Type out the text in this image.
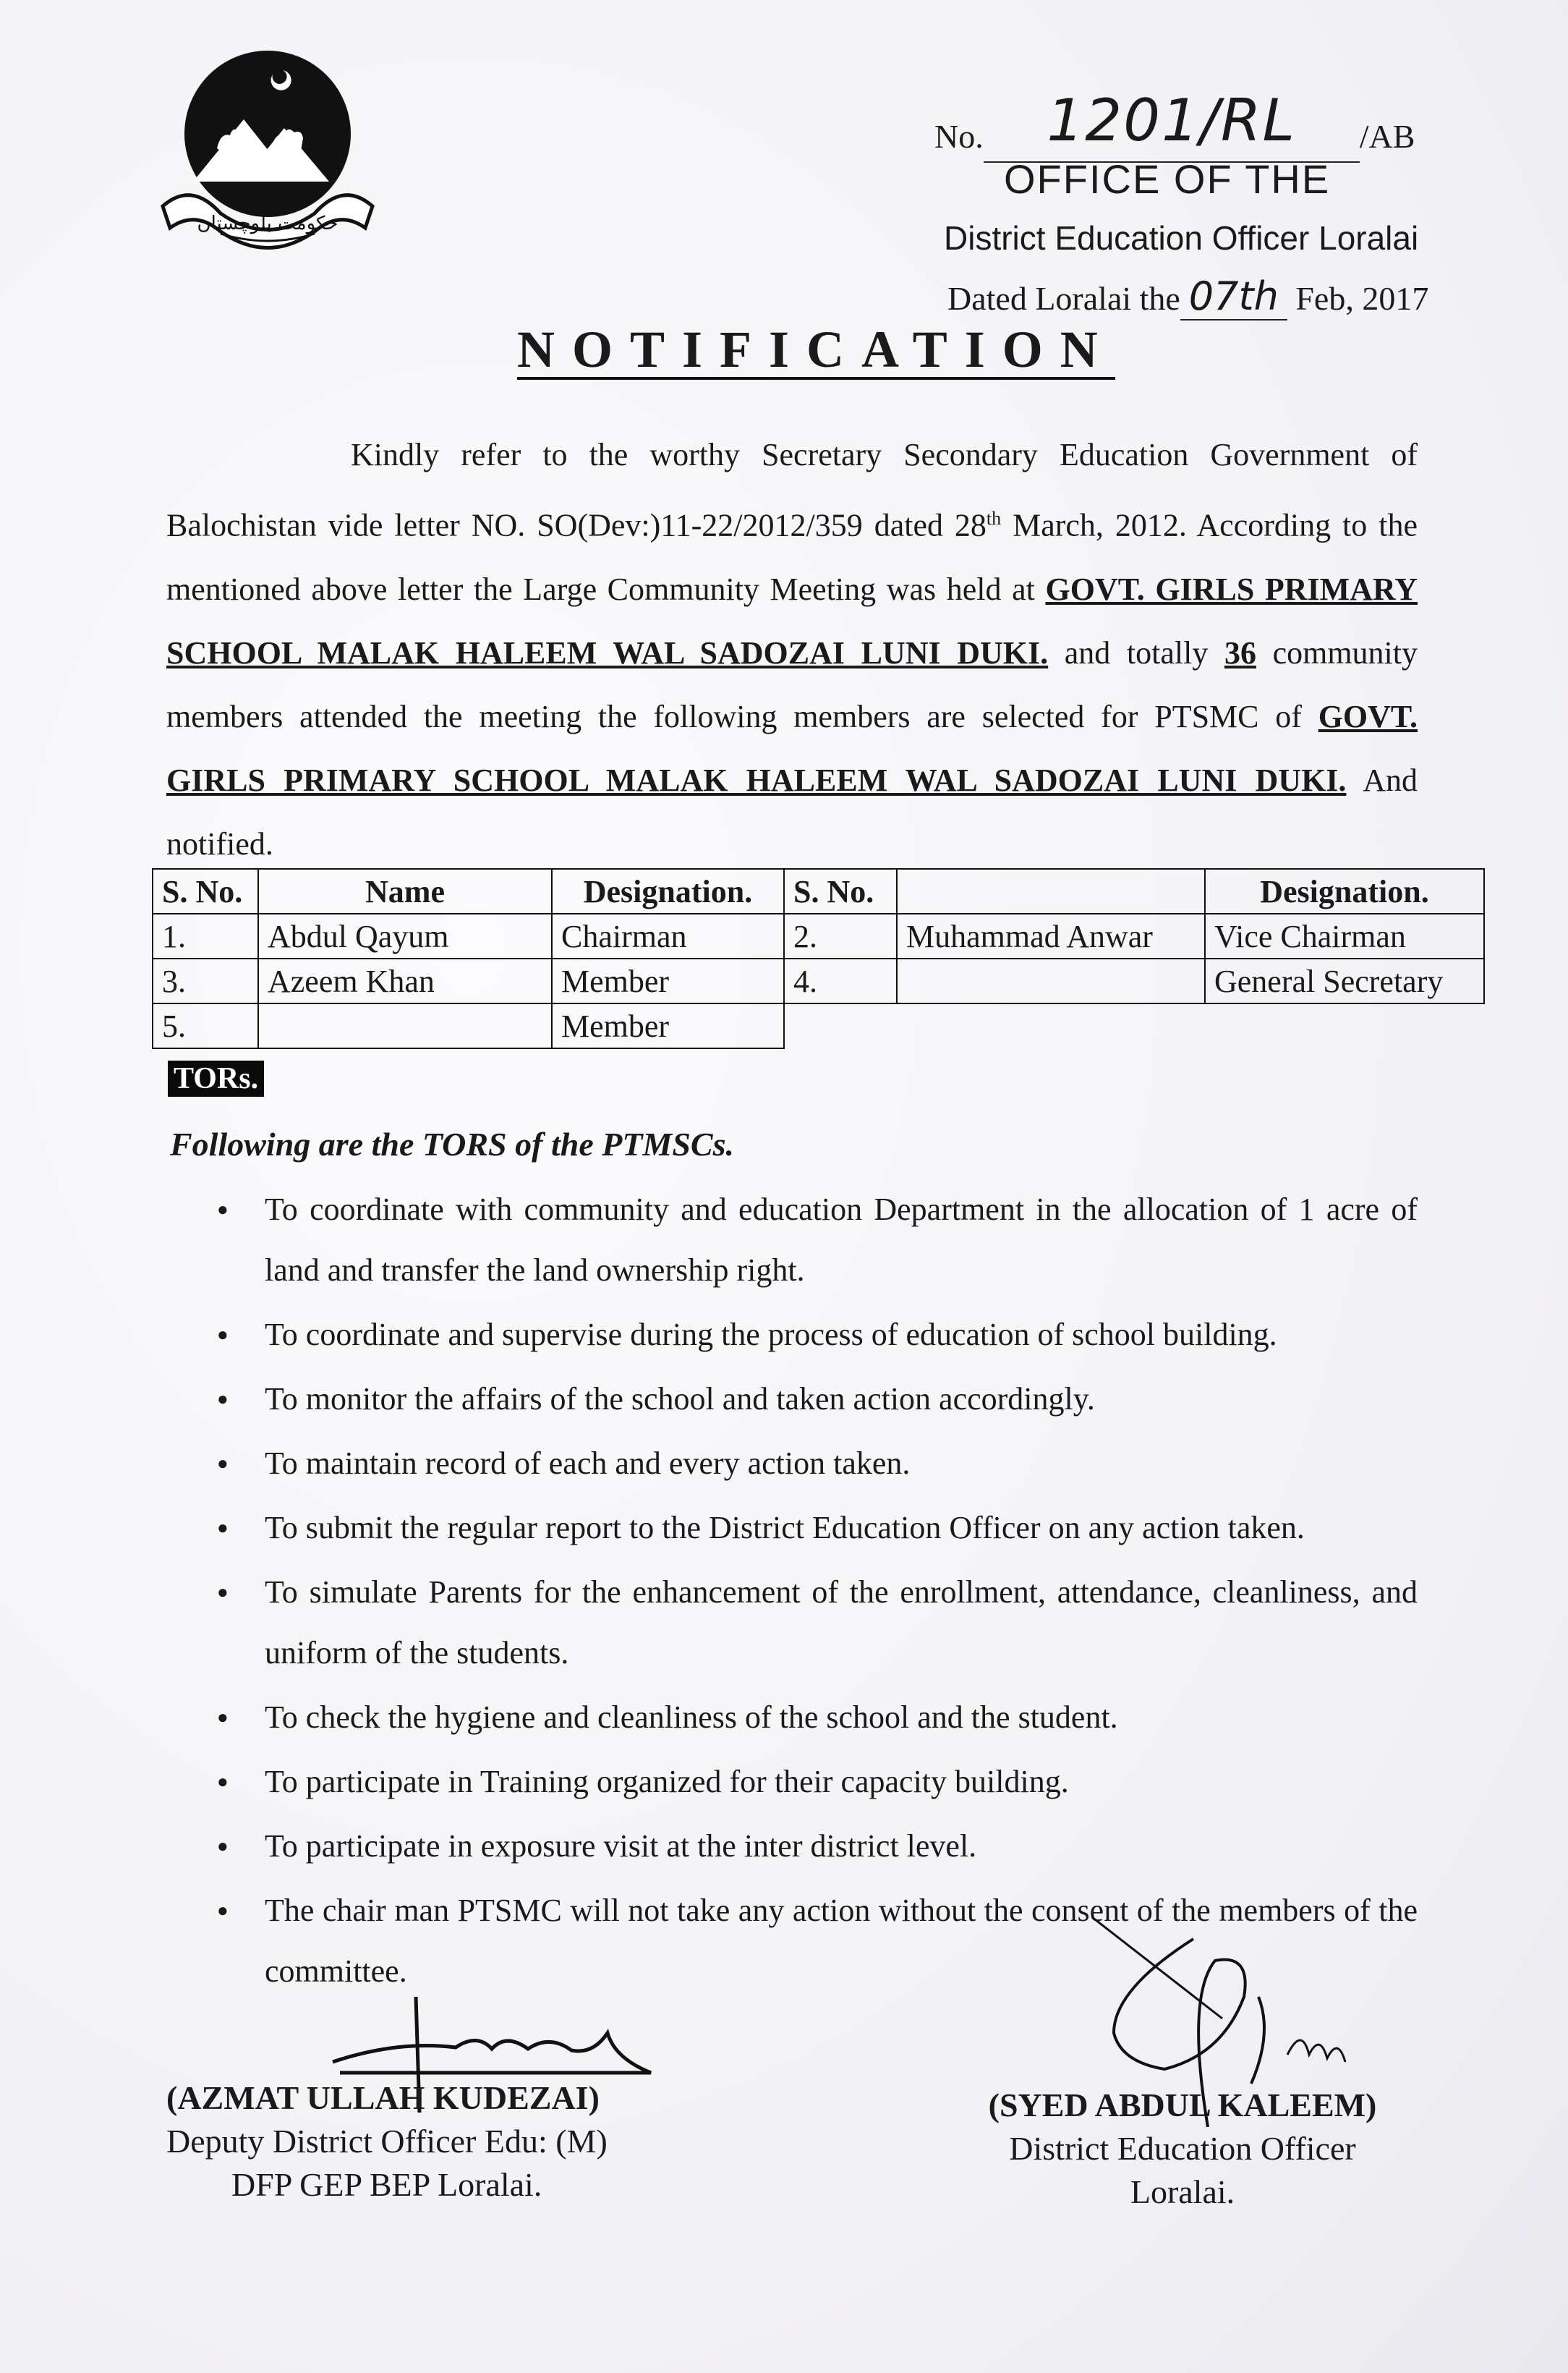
حکومت بلوچستان
No. 1201/RL /AB
OFFICE OF THE
District Education Officer Loralai
Dated Loralai the 07th Feb, 2017
NOTIFICATION
Kindly refer to the worthy Secretary Secondary Education Government of Balochistan vide letter NO. SO(Dev:)11-22/2012/359 dated 28th March, 2012. According to the mentioned above letter the Large Community Meeting was held at GOVT. GIRLS PRIMARY SCHOOL MALAK HALEEM WAL SADOZAI LUNI DUKI. and totally 36 community members attended the meeting the following members are selected for PTSMC of GOVT. GIRLS PRIMARY SCHOOL MALAK HALEEM WAL SADOZAI LUNI DUKI. And notified.
S. No.	Name	Designation.	S. No.		Designation.
1.	Abdul Qayum	Chairman	2.	Muhammad Anwar	Vice Chairman
3.	Azeem Khan	Member	4.		General Secretary
5.		Member			
TORs.
Following are the TORS of the PTMSCs.
● To coordinate with community and education Department in the allocation of 1 acre of land and transfer the land ownership right.
● To coordinate and supervise during the process of education of school building.
● To monitor the affairs of the school and taken action accordingly.
● To maintain record of each and every action taken.
● To submit the regular report to the District Education Officer on any action taken.
● To simulate Parents for the enhancement of the enrollment, attendance, cleanliness, and uniform of the students.
● To check the hygiene and cleanliness of the school and the student.
● To participate in Training organized for their capacity building.
● To participate in exposure visit at the inter district level.
● The chair man PTSMC will not take any action without the consent of the members of the committee.
(AZMAT ULLAH KUDEZAI)
Deputy District Officer Edu: (M)
DFP GEP BEP Loralai.
(SYED ABDUL KALEEM)
District Education Officer
Loralai.
